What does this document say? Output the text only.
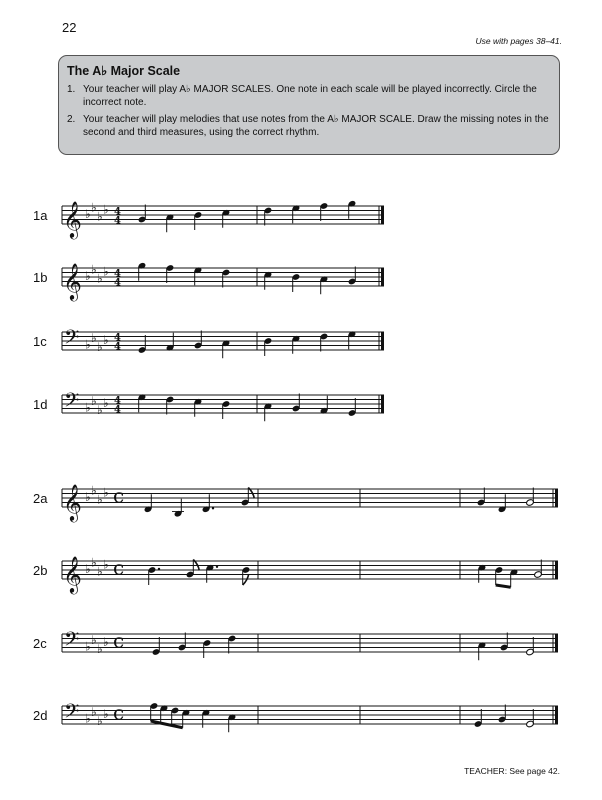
22
Use with pages 38–41.
The A♭ Major Scale
1. Your teacher will play A♭ MAJOR SCALES. One note in each scale will be played incorrectly. Circle the incorrect note.
2. Your teacher will play melodies that use notes from the A♭ MAJOR SCALE. Draw the missing notes in the second and third measures, using the correct rhythm.
1a 𝄞 ♭ ♭
♭ ♭ 4
4
1b 𝄞 ♭ ♭
♭ ♭ 4
4
1c 𝄢 ♭ ♭
♭ ♭ 4
4
1d 𝄢 ♭ ♭
♭ ♭ 4
4
2a 𝄞 ♭ ♭
♭ ♭ c
2b 𝄞 ♭ ♭
♭ ♭ c
2c 𝄢 ♭ ♭
♭ ♭ c
2d 𝄢 ♭ ♭
♭ ♭ c
TEACHER: See page 42.
